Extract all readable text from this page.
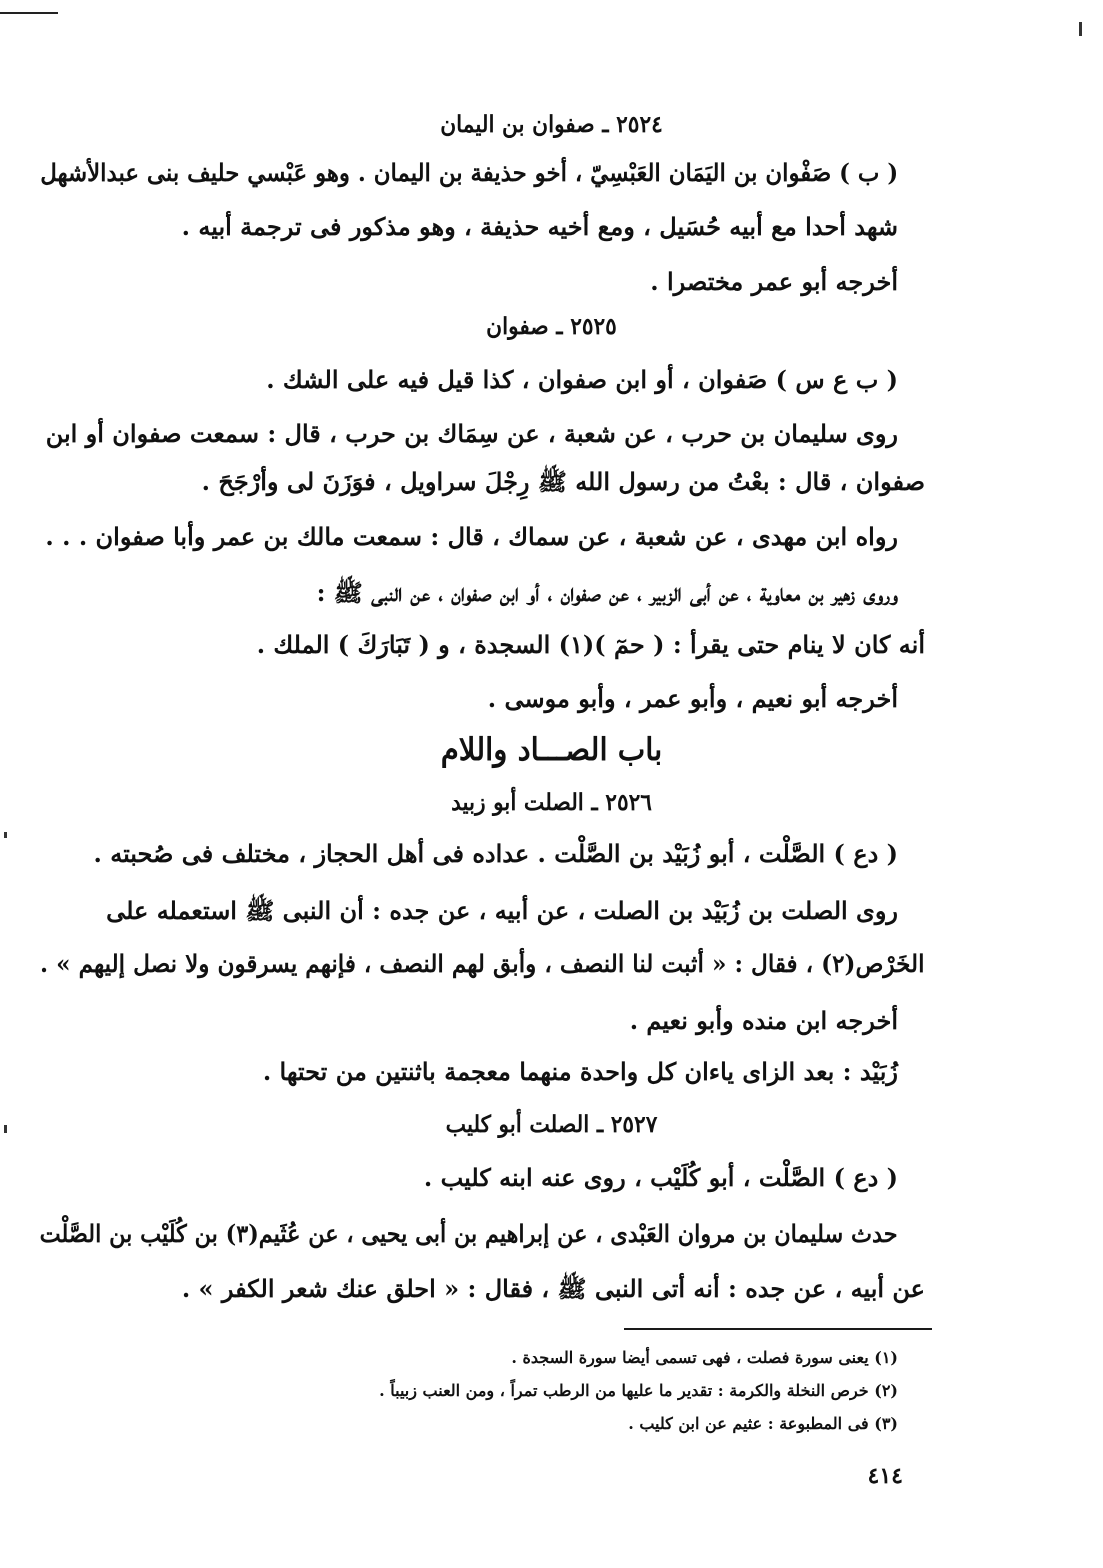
٢٥٢٤ ـ صفوان بن اليمان
( ب ) صَفْوان بن اليَمَان العَبْسِيّ ، أخو حذيفة بن اليمان . وهو عَبْسي حليف بنى عبدالأشهل
شهد أحدا مع أبيه حُسَيل ، ومع أخيه حذيفة ، وهو مذكور فى ترجمة أبيه .
أخرجه أبو عمر مختصرا .
٢٥٢٥ ـ صفوان
( ب ع س ) صَفوان ، أو ابن صفوان ، كذا قيل فيه على الشك .
روى سليمان بن حرب ، عن شعبة ، عن سِمَاك بن حرب ، قال : سمعت صفوان أو ابن
صفوان ، قال : بعْتُ من رسول الله ﷺ رِجْلَ سراويل ، فوَزَنَ لى وأرْجَحَ .
رواه ابن مهدى ، عن شعبة ، عن سماك ، قال : سمعت مالك بن عمر وأبا صفوان . . .
وروى زهير بن معاوية ، عن أبى الزبير ، عن صفوان ، أو ابن صفوان ، عن النبى ﷺ :
أنه كان لا ينام حتى يقرأ : ( حمٓ )(١) السجدة ، و ( تَبَارَكَ ) الملك .
أخرجه أبو نعيم ، وأبو عمر ، وأبو موسى .
باب الصـــاد واللام
٢٥٢٦ ـ الصلت أبو زبيد
( دع ) الصَّلْت ، أبو زُبَيْد بن الصَّلْت . عداده فى أهل الحجاز ، مختلف فى صُحبته .
روى الصلت بن زُبَيْد بن الصلت ، عن أبيه ، عن جده : أن النبى ﷺ استعمله على
الخَرْص(٢) ، فقال : « أثبت لنا النصف ، وأبق لهم النصف ، فإنهم يسرقون ولا نصل إليهم » .
أخرجه ابن منده وأبو نعيم .
زُبَيْد : بعد الزاى ياءان كل واحدة منهما معجمة باثنتين من تحتها .
٢٥٢٧ ـ الصلت أبو كليب
( دع ) الصَّلْت ، أبو كُلَيْب ، روى عنه ابنه كليب .
حدث سليمان بن مروان العَبْدى ، عن إبراهيم بن أبى يحيى ، عن عُثَيم(٣) بن كُلَيْب بن الصَّلْت
عن أبيه ، عن جده : أنه أتى النبى ﷺ ، فقال : « احلق عنك شعر الكفر » .
(١) يعنى سورة فصلت ، فهى تسمى أيضا سورة السجدة .
(٢) خرص النخلة والكرمة : تقدير ما عليها من الرطب تمراً ، ومن العنب زبيباً .
(٣) فى المطبوعة : عثيم عن ابن كليب .
٤١٤
